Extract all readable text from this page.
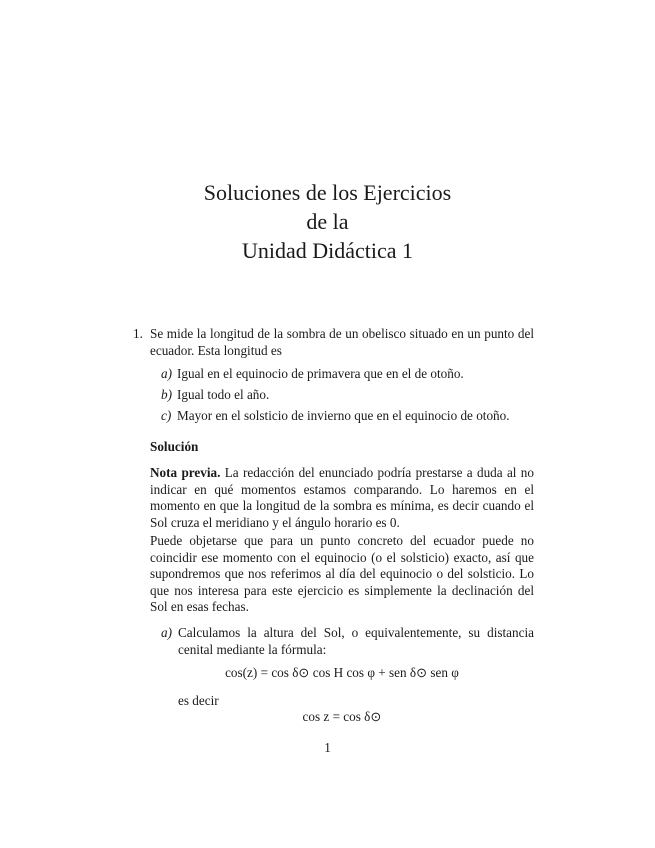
Soluciones de los Ejercicios
de la
Unidad Didáctica 1
1. Se mide la longitud de la sombra de un obelisco situado en un punto del ecuador. Esta longitud es
a) Igual en el equinocio de primavera que en el de otoño.
b) Igual todo el año.
c) Mayor en el solsticio de invierno que en el equinocio de otoño.
Solución
Nota previa. La redacción del enunciado podría prestarse a duda al no indicar en qué momentos estamos comparando. Lo haremos en el momento en que la longitud de la sombra es mínima, es decir cuando el Sol cruza el meridiano y el ángulo horario es 0.
Puede objetarse que para un punto concreto del ecuador puede no coincidir ese momento con el equinocio (o el solsticio) exacto, así que supondremos que nos referimos al día del equinocio o del solsticio. Lo que nos interesa para este ejercicio es simplemente la declinación del Sol en esas fechas.
a) Calculamos la altura del Sol, o equivalentemente, su distancia cenital mediante la fórmula:
cos(z) = cos δ⊙ cos H cos φ + sen δ⊙ sen φ
es decir
cos z = cos δ⊙
1
